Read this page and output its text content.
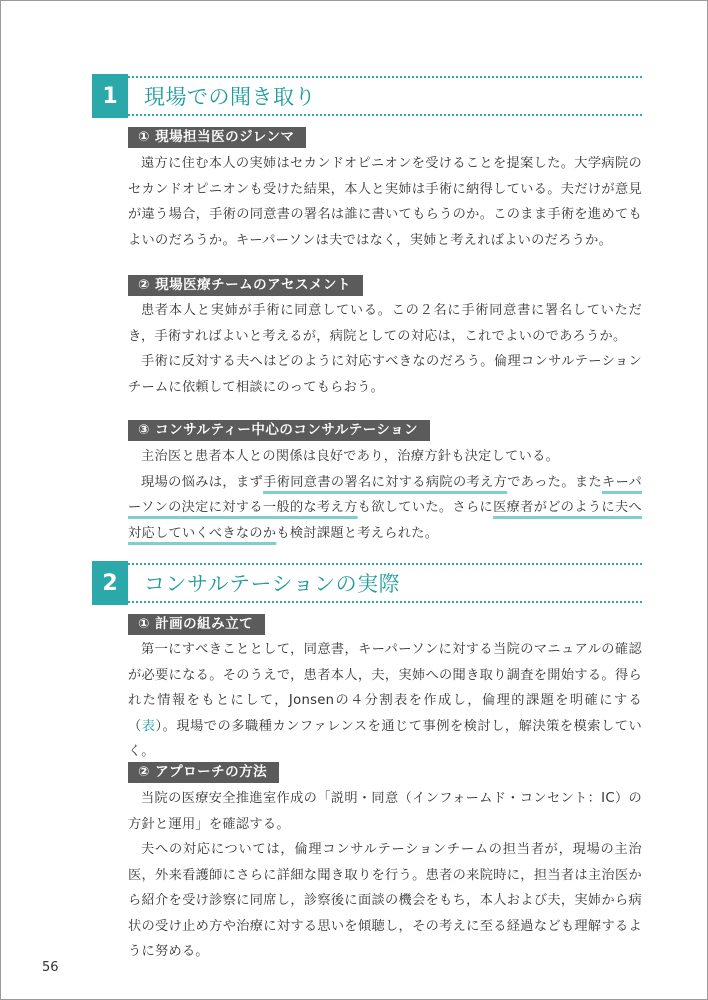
1	現場での聞き取り
① 現場担当医のジレンマ

遠方に住む本人の実姉はセカンドオピニオンを受けることを提案した。大学病院のセカンドオピニオンも受けた結果，本人と実姉は手術に納得している。夫だけが意見が違う場合，手術の同意書の署名は誰に書いてもらうのか。このまま手術を進めてもよいのだろうか。キーパーソンは夫ではなく，実姉と考えればよいのだろうか。

② 現場医療チームのアセスメント

患者本人と実姉が手術に同意している。この２名に手術同意書に署名していただき，手術すればよいと考えるが，病院としての対応は，これでよいのであろうか。

手術に反対する夫へはどのように対応すべきなのだろう。倫理コンサルテーションチームに依頼して相談にのってもらおう。

③ コンサルティー中心のコンサルテーション

主治医と患者本人との関係は良好であり，治療方針も決定している。

現場の悩みは，まず手術同意書の署名に対する病院の考え方であった。またキーパーソンの決定に対する一般的な考え方も欲していた。さらに医療者がどのように夫へ対応していくべきなのかも検討課題と考えられた。

2	コンサルテーションの実際
① 計画の組み立て

第一にすべきこととして，同意書，キーパーソンに対する当院のマニュアルの確認が必要になる。そのうえで，患者本人，夫，実姉への聞き取り調査を開始する。得られた情報をもとにして，Jonsenの４分割表を作成し，倫理的課題を明確にする（表）。現場での多職種カンファレンスを通じて事例を検討し，解決策を模索していく。

② アプローチの方法

当院の医療安全推進室作成の「説明・同意（インフォームド・コンセント：IC）の方針と運用」を確認する。

夫への対応については，倫理コンサルテーションチームの担当者が，現場の主治医，外来看護師にさらに詳細な聞き取りを行う。患者の来院時に，担当者は主治医から紹介を受け診察に同席し，診察後に面談の機会をもち，本人および夫，実姉から病状の受け止め方や治療に対する思いを傾聴し，その考えに至る経過なども理解するように努める。

56
